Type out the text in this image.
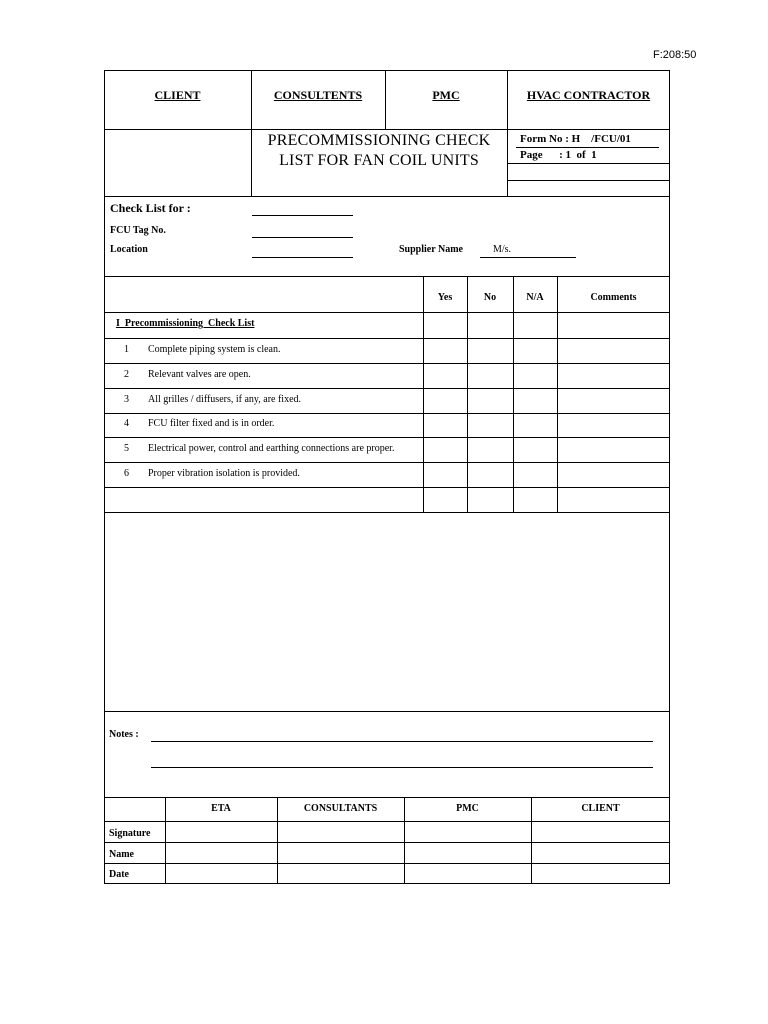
F:208:50
CLIENT	CONSULTENTS	PMC	HVAC CONTRACTOR
PRECOMMISSIONING CHECK
LIST FOR FAN COIL UNITS
Form No : H    /FCU/01
Page      : 1  of  1
Check List for :
FCU Tag No.
Location	Supplier Name	M/s.
Yes	No	N/A	Comments
I  Precommissioning  Check List
1 Complete piping system is clean.
2 Relevant valves are open.
3 All grilles / diffusers, if any, are fixed.
4 FCU filter fixed and is in order.
5 Electrical power, control and earthing connections are proper.
6 Proper vibration isolation is provided.
Notes :
ETA	CONSULTANTS	PMC	CLIENT
Signature
Name
Date
